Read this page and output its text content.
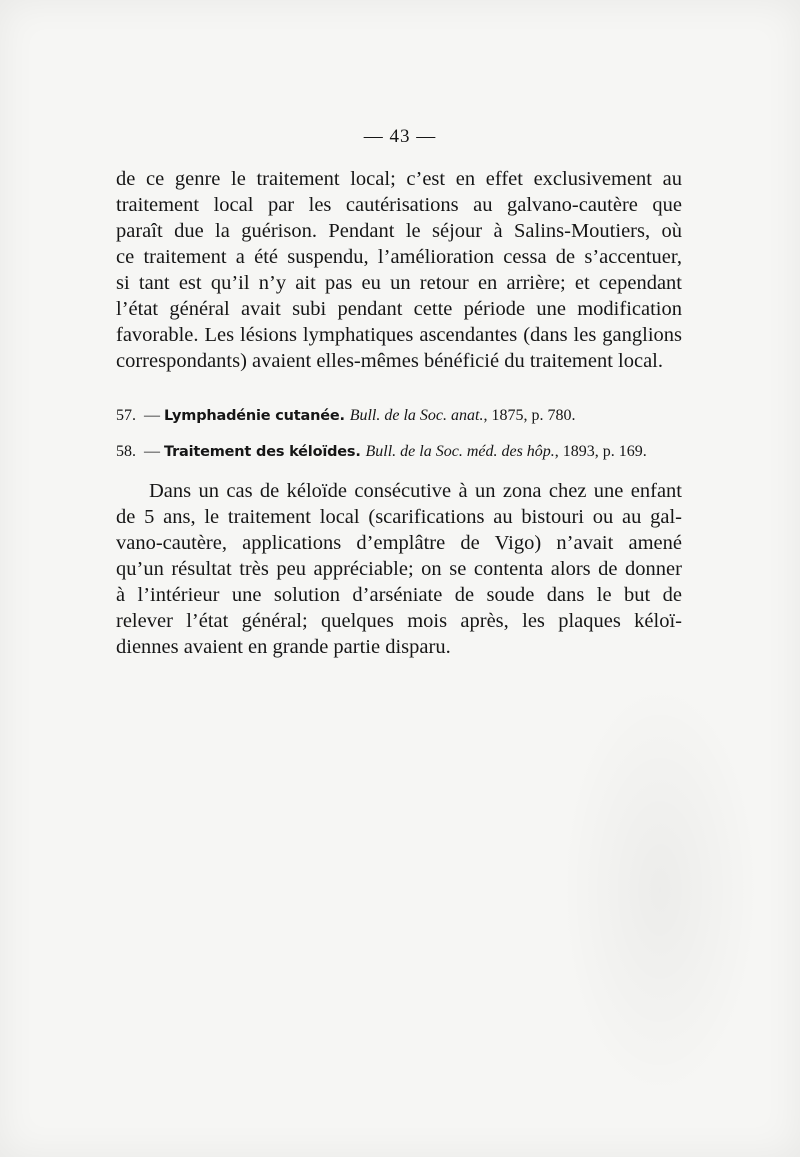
— 43 —
de ce genre le traitement local; c’est en effet exclusivement au
traitement local par les cautérisations au galvano-cautère que
paraît due la guérison. Pendant le séjour à Salins-Moutiers, où
ce traitement a été suspendu, l’amélioration cessa de s’accentuer,
si tant est qu’il n’y ait pas eu un retour en arrière; et cependant
l’état général avait subi pendant cette période une modification
favorable. Les lésions lymphatiques ascendantes (dans les ganglions
correspondants) avaient elles-mêmes bénéficié du traitement local.
57. — Lymphadénie cutanée. Bull. de la Soc. anat., 1875, p. 780.
58. — Traitement des kéloïdes. Bull. de la Soc. méd. des hôp., 1893, p. 169.
Dans un cas de kéloïde consécutive à un zona chez une enfant
de 5 ans, le traitement local (scarifications au bistouri ou au gal-
vano-cautère, applications d’emplâtre de Vigo) n’avait amené
qu’un résultat très peu appréciable; on se contenta alors de donner
à l’intérieur une solution d’arséniate de soude dans le but de
relever l’état général; quelques mois après, les plaques kéloï-
diennes avaient en grande partie disparu.
